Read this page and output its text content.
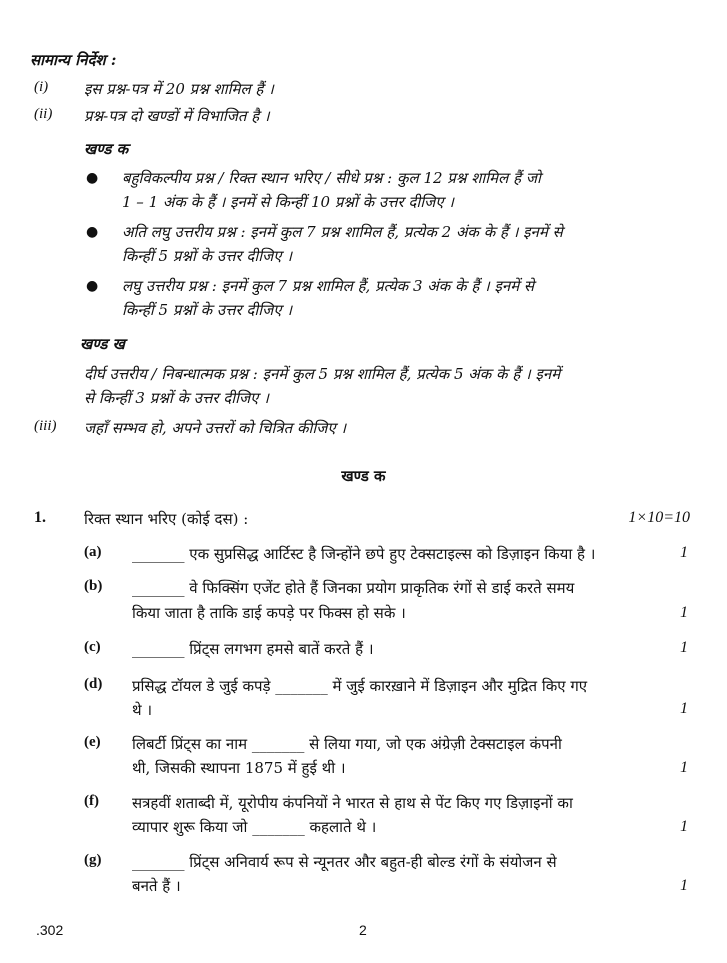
सामान्य निर्देश :
(i) इस प्रश्न-पत्र में 20 प्रश्न शामिल हैं ।
(ii) प्रश्न-पत्र दो खण्डों में विभाजित है ।
खण्ड क
● बहुविकल्पीय प्रश्न / रिक्त स्थान भरिए / सीधे प्रश्न : कुल 12 प्रश्न शामिल हैं जो
1 – 1 अंक के हैं । इनमें से किन्हीं 10 प्रश्नों के उत्तर दीजिए ।
● अति लघु उत्तरीय प्रश्न : इनमें कुल 7 प्रश्न शामिल हैं, प्रत्येक 2 अंक के हैं । इनमें से
किन्हीं 5 प्रश्नों के उत्तर दीजिए ।
● लघु उत्तरीय प्रश्न : इनमें कुल 7 प्रश्न शामिल हैं, प्रत्येक 3 अंक के हैं । इनमें से
किन्हीं 5 प्रश्नों के उत्तर दीजिए ।
खण्ड ख
दीर्घ उत्तरीय / निबन्धात्मक प्रश्न : इनमें कुल 5 प्रश्न शामिल हैं, प्रत्येक 5 अंक के हैं । इनमें
से किन्हीं 3 प्रश्नों के उत्तर दीजिए ।
(iii) जहाँ सम्भव हो, अपने उत्तरों को चित्रित कीजिए ।
खण्ड क
1.	रिक्त स्थान भरिए (कोई दस) :	1×10=10
(a) _______ एक सुप्रसिद्ध आर्टिस्ट है जिन्होंने छपे हुए टेक्सटाइल्स को डिज़ाइन किया है ।	1
(b) _______ वे फिक्सिंग एजेंट होते हैं जिनका प्रयोग प्राकृतिक रंगों से डाई करते समय
किया जाता है ताकि डाई कपड़े पर फिक्स हो सके ।	1
(c) _______ प्रिंट्स लगभग हमसे बातें करते हैं ।	1
(d) प्रसिद्ध टॉयल डे जुई कपड़े _______ में जुई कारख़ाने में डिज़ाइन और मुद्रित किए गए
थे ।	1
(e) लिबर्टी प्रिंट्स का नाम _______ से लिया गया, जो एक अंग्रेज़ी टेक्सटाइल कंपनी
थी, जिसकी स्थापना 1875 में हुई थी ।	1
(f) सत्रहवीं शताब्दी में, यूरोपीय कंपनियों ने भारत से हाथ से पेंट किए गए डिज़ाइनों का
व्यापार शुरू किया जो _______ कहलाते थे ।	1
(g) _______ प्रिंट्स अनिवार्य रूप से न्यूनतर और बहुत-ही बोल्ड रंगों के संयोजन से
बनते हैं ।	1
.302	2
